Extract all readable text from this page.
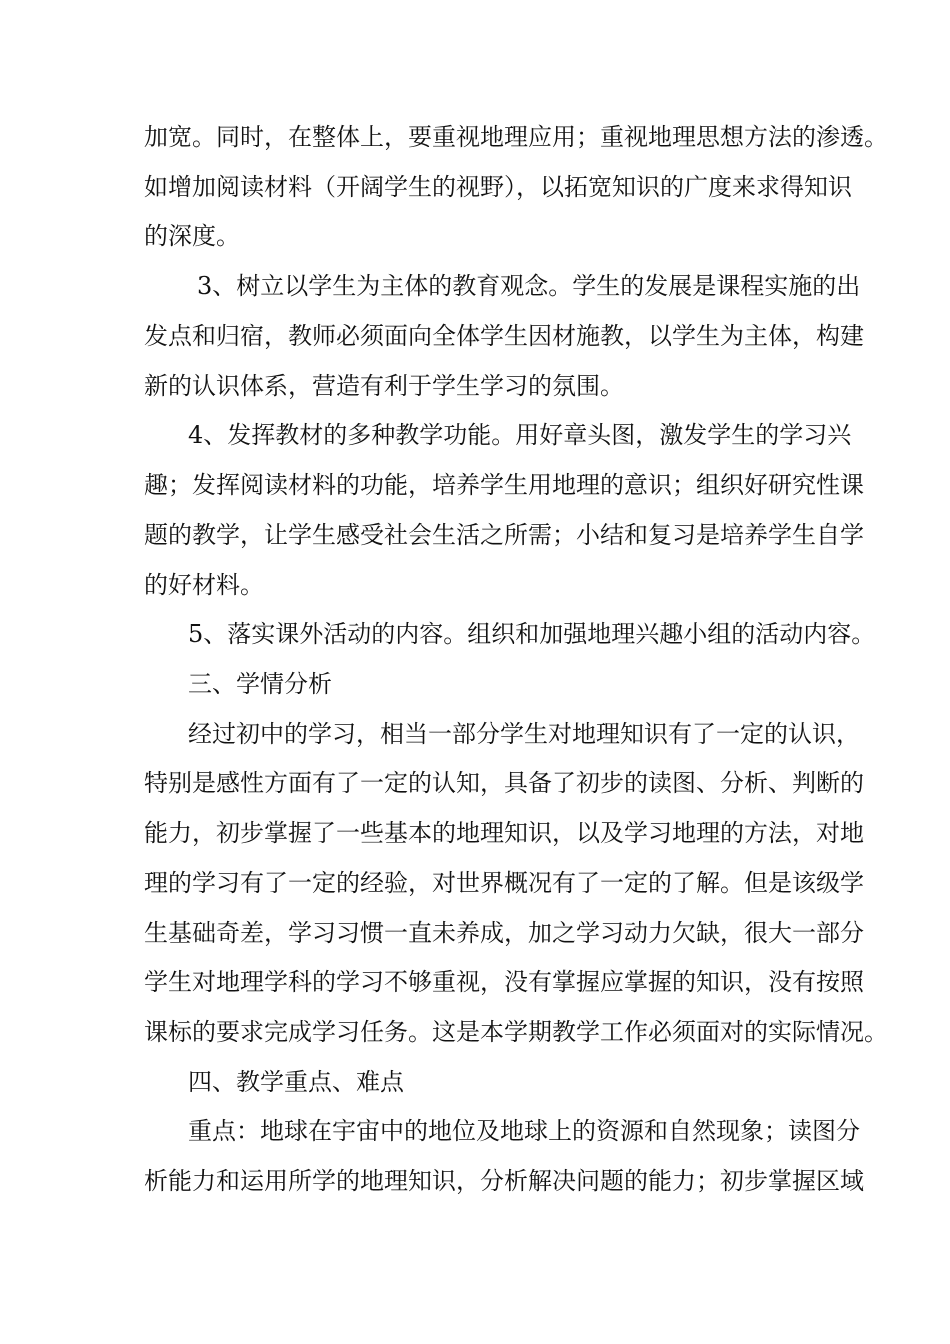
加宽。同时，在整体上，要重视地理应用；重视地理思想方法的渗透。
如增加阅读材料（开阔学生的视野），以拓宽知识的广度来求得知识
的深度。
3、树立以学生为主体的教育观念。学生的发展是课程实施的出
发点和归宿，教师必须面向全体学生因材施教，以学生为主体，构建
新的认识体系，营造有利于学生学习的氛围。
4、发挥教材的多种教学功能。用好章头图，激发学生的学习兴
趣；发挥阅读材料的功能，培养学生用地理的意识；组织好研究性课
题的教学，让学生感受社会生活之所需；小结和复习是培养学生自学
的好材料。
5、落实课外活动的内容。组织和加强地理兴趣小组的活动内容。
三、学情分析
经过初中的学习，相当一部分学生对地理知识有了一定的认识，
特别是感性方面有了一定的认知，具备了初步的读图、分析、判断的
能力，初步掌握了一些基本的地理知识，以及学习地理的方法，对地
理的学习有了一定的经验，对世界概况有了一定的了解。但是该级学
生基础奇差，学习习惯一直未养成，加之学习动力欠缺，很大一部分
学生对地理学科的学习不够重视，没有掌握应掌握的知识，没有按照
课标的要求完成学习任务。这是本学期教学工作必须面对的实际情况。
四、教学重点、难点
重点：地球在宇宙中的地位及地球上的资源和自然现象；读图分
析能力和运用所学的地理知识，分析解决问题的能力；初步掌握区域
